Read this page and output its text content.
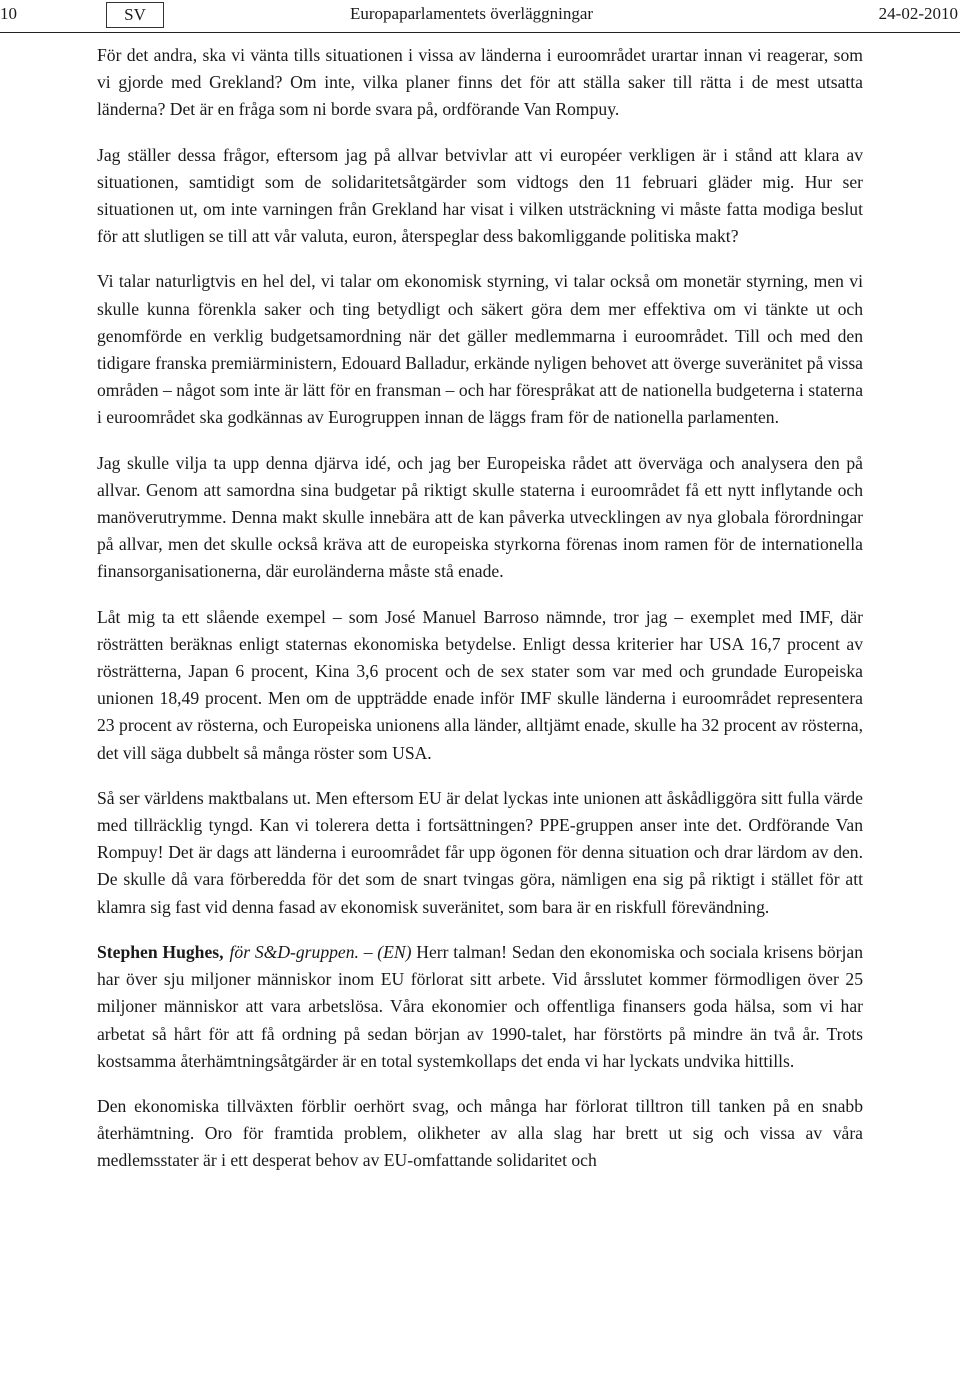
10	SV	Europaparlamentets överläggningar	24-02-2010

För det andra, ska vi vänta tills situationen i vissa av länderna i euroområdet urartar innan vi reagerar, som vi gjorde med Grekland? Om inte, vilka planer finns det för att ställa saker till rätta i de mest utsatta länderna? Det är en fråga som ni borde svara på, ordförande Van Rompuy.

Jag ställer dessa frågor, eftersom jag på allvar betvivlar att vi européer verkligen är i stånd att klara av situationen, samtidigt som de solidaritetsåtgärder som vidtogs den 11 februari gläder mig. Hur ser situationen ut, om inte varningen från Grekland har visat i vilken utsträckning vi måste fatta modiga beslut för att slutligen se till att vår valuta, euron, återspeglar dess bakomliggande politiska makt?

Vi talar naturligtvis en hel del, vi talar om ekonomisk styrning, vi talar också om monetär styrning, men vi skulle kunna förenkla saker och ting betydligt och säkert göra dem mer effektiva om vi tänkte ut och genomförde en verklig budgetsamordning när det gäller medlemmarna i euroområdet. Till och med den tidigare franska premiärministern, Edouard Balladur, erkände nyligen behovet att överge suveränitet på vissa områden – något som inte är lätt för en fransman – och har förespråkat att de nationella budgeterna i staterna i euroområdet ska godkännas av Eurogruppen innan de läggs fram för de nationella parlamenten.

Jag skulle vilja ta upp denna djärva idé, och jag ber Europeiska rådet att överväga och analysera den på allvar. Genom att samordna sina budgetar på riktigt skulle staterna i euroområdet få ett nytt inflytande och manöverutrymme. Denna makt skulle innebära att de kan påverka utvecklingen av nya globala förordningar på allvar, men det skulle också kräva att de europeiska styrkorna förenas inom ramen för de internationella finansorganisationerna, där euroländerna måste stå enade.

Låt mig ta ett slående exempel – som José Manuel Barroso nämnde, tror jag – exemplet med IMF, där rösträtten beräknas enligt staternas ekonomiska betydelse. Enligt dessa kriterier har USA 16,7 procent av rösträtterna, Japan 6 procent, Kina 3,6 procent och de sex stater som var med och grundade Europeiska unionen 18,49 procent. Men om de uppträdde enade inför IMF skulle länderna i euroområdet representera 23 procent av rösterna, och Europeiska unionens alla länder, alltjämt enade, skulle ha 32 procent av rösterna, det vill säga dubbelt så många röster som USA.

Så ser världens maktbalans ut. Men eftersom EU är delat lyckas inte unionen att åskådliggöra sitt fulla värde med tillräcklig tyngd. Kan vi tolerera detta i fortsättningen? PPE-gruppen anser inte det. Ordförande Van Rompuy! Det är dags att länderna i euroområdet får upp ögonen för denna situation och drar lärdom av den. De skulle då vara förberedda för det som de snart tvingas göra, nämligen ena sig på riktigt i stället för att klamra sig fast vid denna fasad av ekonomisk suveränitet, som bara är en riskfull förevändning.

Stephen Hughes, för S&D-gruppen. – (EN) Herr talman! Sedan den ekonomiska och sociala krisens början har över sju miljoner människor inom EU förlorat sitt arbete. Vid årsslutet kommer förmodligen över 25 miljoner människor att vara arbetslösa. Våra ekonomier och offentliga finansers goda hälsa, som vi har arbetat så hårt för att få ordning på sedan början av 1990-talet, har förstörts på mindre än två år. Trots kostsamma återhämtningsåtgärder är en total systemkollaps det enda vi har lyckats undvika hittills.

Den ekonomiska tillväxten förblir oerhört svag, och många har förlorat tilltron till tanken på en snabb återhämtning. Oro för framtida problem, olikheter av alla slag har brett ut sig och vissa av våra medlemsstater är i ett desperat behov av EU-omfattande solidaritet och
